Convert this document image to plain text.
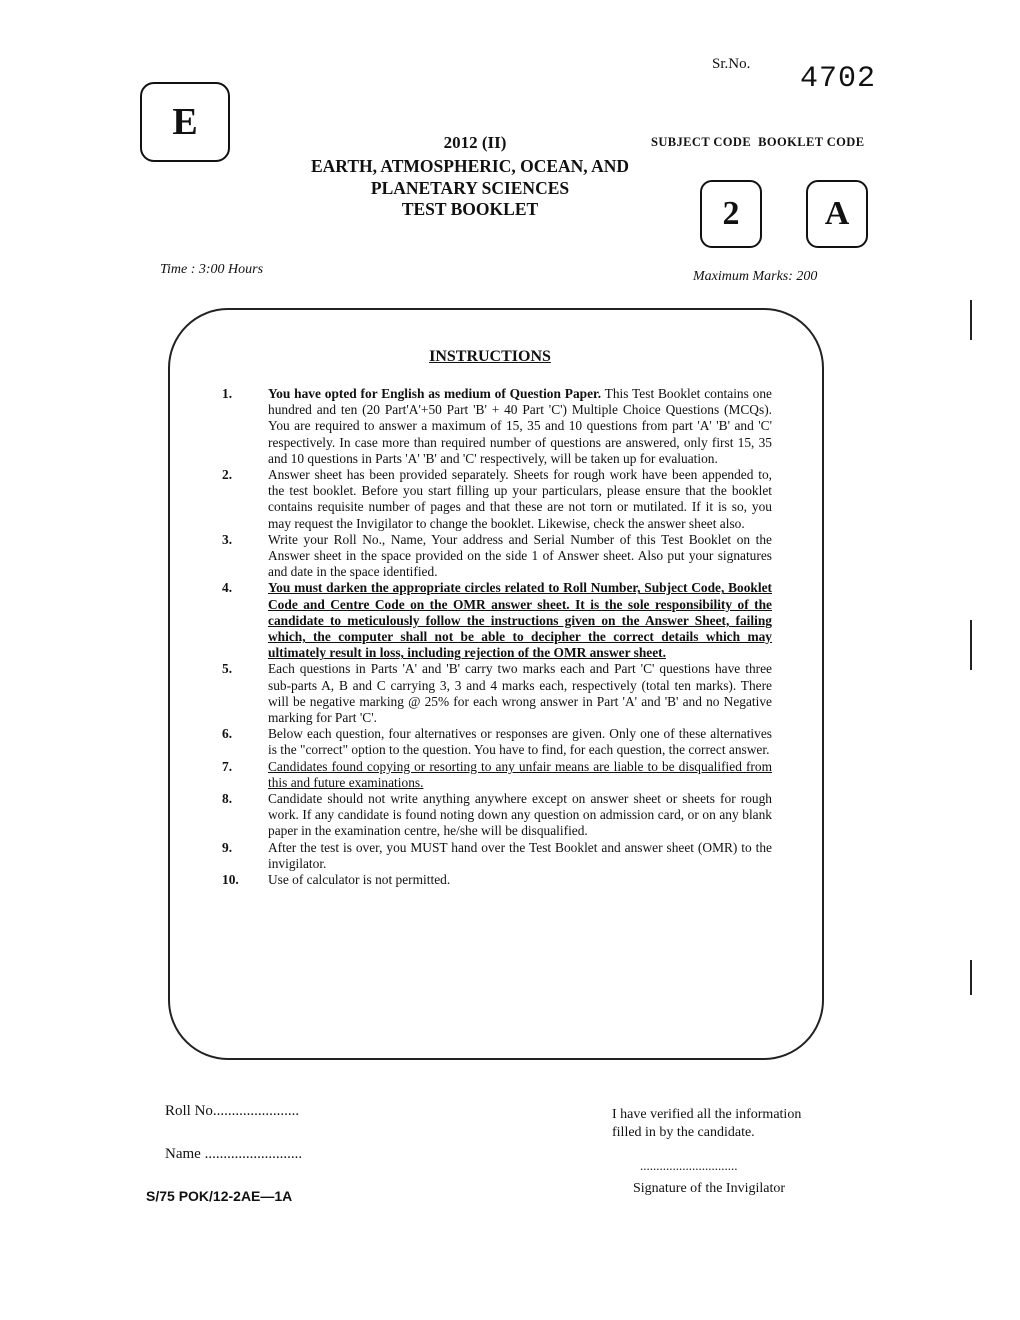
E
Sr.No. 4702
2012 (II)
EARTH, ATMOSPHERIC, OCEAN, AND
PLANETARY SCIENCES
TEST BOOKLET
SUBJECT CODE  BOOKLET CODE
2	A
Time : 3:00 Hours	Maximum Marks: 200
INSTRUCTIONS
1.	You have opted for English as medium of Question Paper. This Test Booklet contains one hundred and ten (20 Part'A'+50 Part 'B' + 40 Part 'C') Multiple Choice Questions (MCQs). You are required to answer a maximum of 15, 35 and 10 questions from part 'A' 'B' and 'C' respectively. In case more than required number of questions are answered, only first 15, 35 and 10 questions in Parts 'A' 'B' and 'C' respectively, will be taken up for evaluation.
2.	Answer sheet has been provided separately. Sheets for rough work have been appended to, the test booklet. Before you start filling up your particulars, please ensure that the booklet contains requisite number of pages and that these are not torn or mutilated. If it is so, you may request the Invigilator to change the booklet. Likewise, check the answer sheet also.
3.	Write your Roll No., Name, Your address and Serial Number of this Test Booklet on the Answer sheet in the space provided on the side 1 of Answer sheet. Also put your signatures and date in the space identified.
4.	You must darken the appropriate circles related to Roll Number, Subject Code, Booklet Code and Centre Code on the OMR answer sheet. It is the sole responsibility of the candidate to meticulously follow the instructions given on the Answer Sheet, failing which, the computer shall not be able to decipher the correct details which may ultimately result in loss, including rejection of the OMR answer sheet.
5.	Each questions in Parts 'A' and 'B' carry two marks each and Part 'C' questions have three sub-parts A, B and C carrying 3, 3 and 4 marks each, respectively (total ten marks). There will be negative marking @ 25% for each wrong answer in Part 'A' and 'B' and no Negative marking for Part 'C'.
6.	Below each question, four alternatives or responses are given. Only one of these alternatives is the "correct" option to the question. You have to find, for each question, the correct answer.
7.	Candidates found copying or resorting to any unfair means are liable to be disqualified from this and future examinations.
8.	Candidate should not write anything anywhere except on answer sheet or sheets for rough work. If any candidate is found noting down any question on admission card, or on any blank paper in the examination centre, he/she will be disqualified.
9.	After the test is over, you MUST hand over the Test Booklet and answer sheet (OMR) to the invigilator.
10.	Use of calculator is not permitted.
Roll No.......................
Name ..........................
S/75 POK/12-2AE—1A
I have verified all the information
filled in by the candidate.
..............................
Signature of the Invigilator
